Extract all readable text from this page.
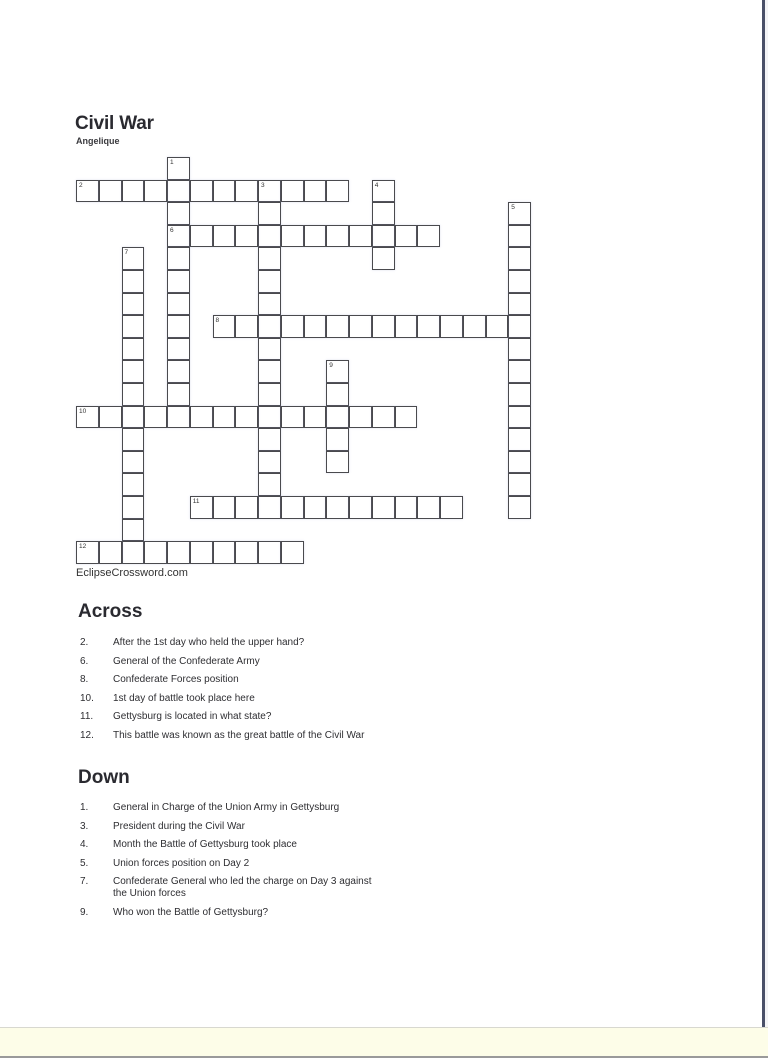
Civil War
Angelique
1
6
2	3	4
5
7
8
9
10
11
12
EclipseCrossword.com
Across
2.	After the 1st day who held the upper hand?
6.	General of the Confederate Army
8.	Confederate Forces position
10.	1st day of battle took place here
11.	Gettysburg is located in what state?
12.	This battle was known as the great battle of the Civil War
Down
1.	General in Charge of the Union Army in Gettysburg
3.	President during the Civil War
4.	Month the Battle of Gettysburg took place
5.	Union forces position on Day 2
7.	Confederate General who led the charge on Day 3 against the Union forces
9.	Who won the Battle of Gettysburg?
